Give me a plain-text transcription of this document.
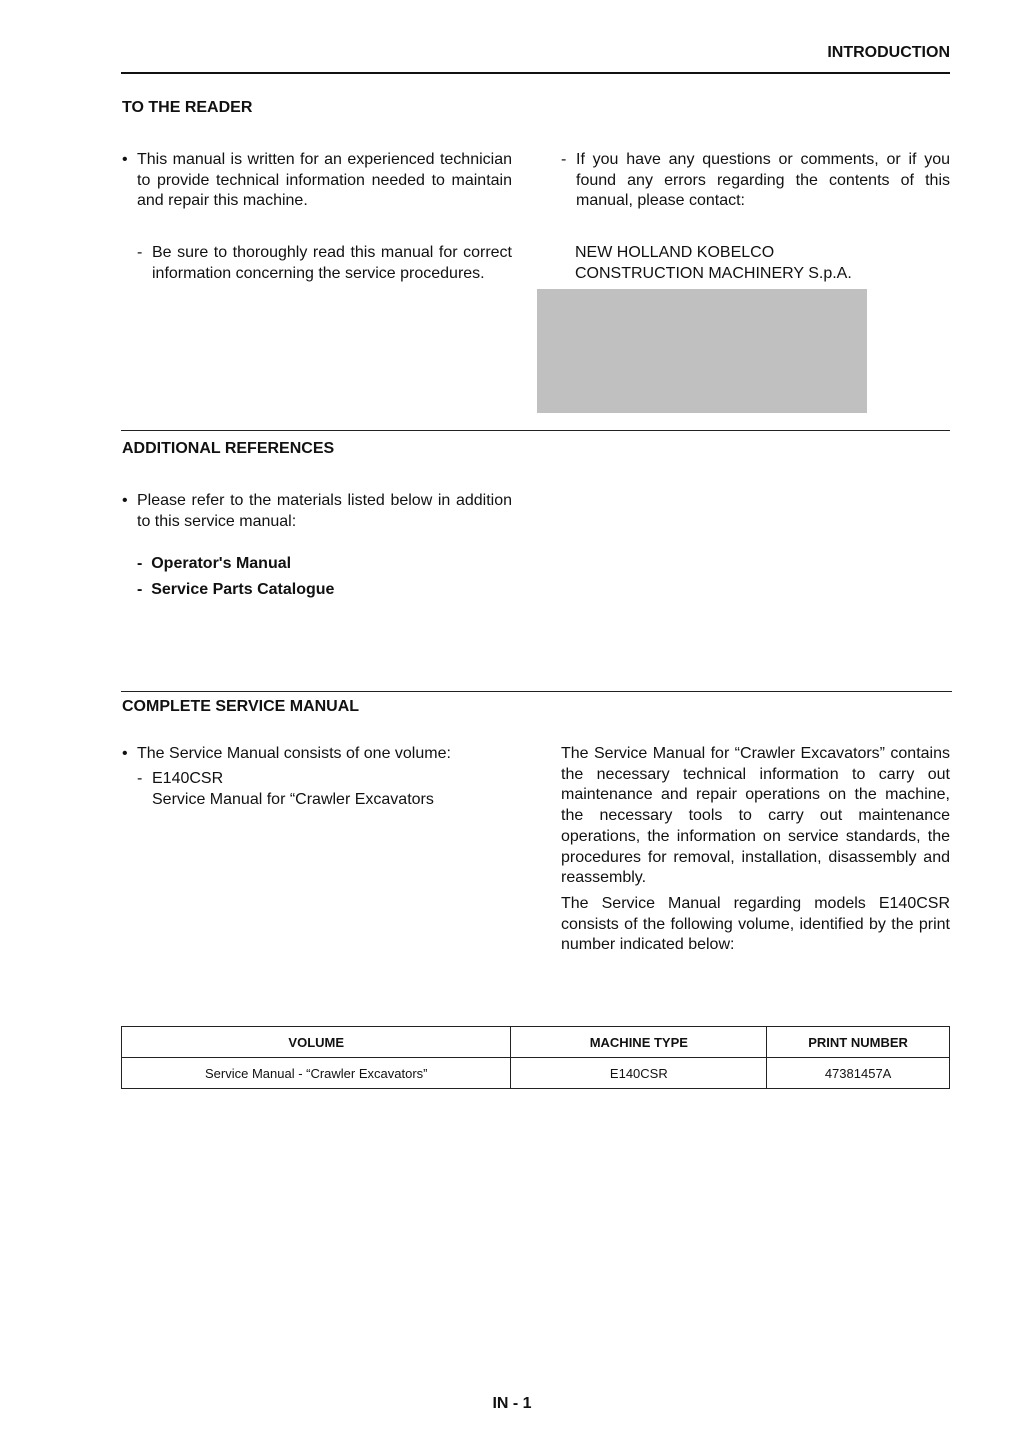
INTRODUCTION
TO THE READER
• This manual is written for an experienced technician to provide technical information needed to maintain and repair this machine.
- Be sure to thoroughly read this manual for correct information concerning the service procedures.
- If you have any questions or comments, or if you found any errors regarding the contents of this manual, please contact:
NEW HOLLAND KOBELCO
CONSTRUCTION MACHINERY S.p.A.
ADDITIONAL REFERENCES
• Please refer to the materials listed below in addition to this service manual:
- Operator's Manual
- Service Parts Catalogue
COMPLETE SERVICE MANUAL
• The Service Manual consists of one volume:
- E140CSR
Service Manual for “Crawler Excavators
The Service Manual for “Crawler Excavators” contains the necessary technical information to carry out maintenance and repair operations on the machine, the necessary tools to carry out maintenance operations, the information on service standards, the procedures for removal, installation, disassembly and reassembly.
The Service Manual regarding models E140CSR consists of the following volume, identified by the print number indicated below:
VOLUME	MACHINE TYPE	PRINT NUMBER
Service Manual - “Crawler Excavators”	E140CSR	47381457A
IN - 1
